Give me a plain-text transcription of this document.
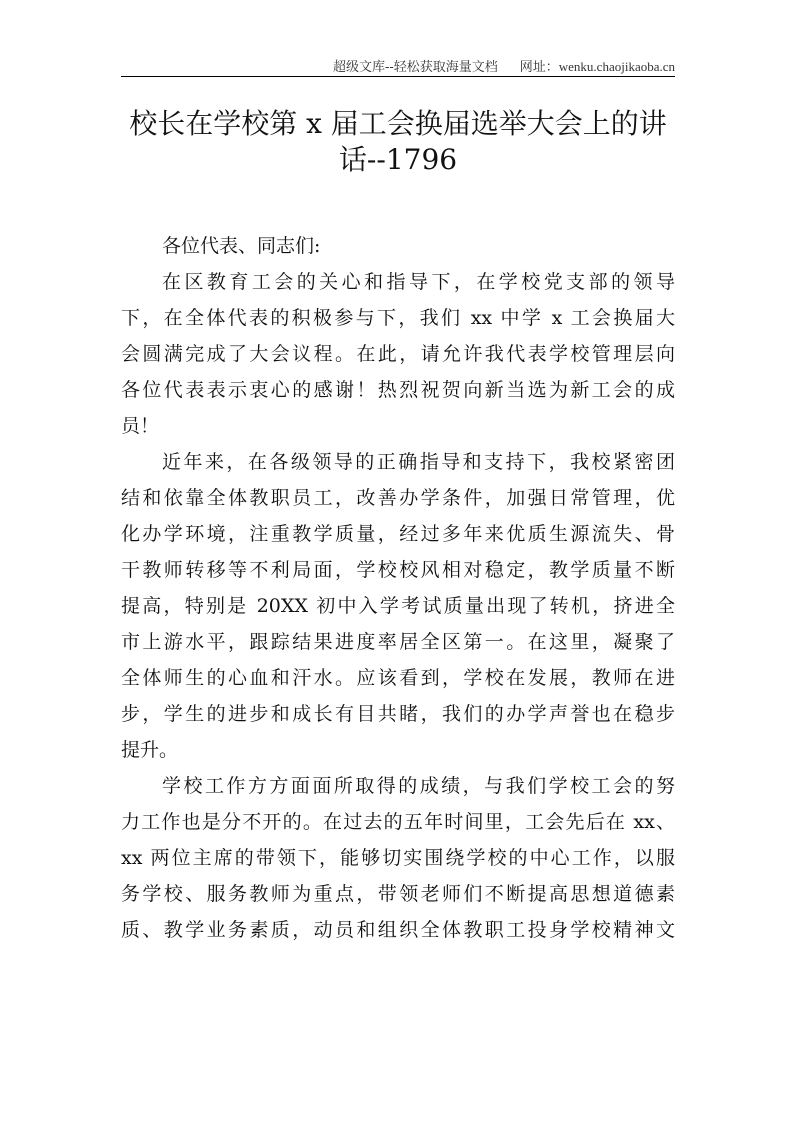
超级文库--轻松获取海量文档 网址：wenku.chaojikaoba.cn
校长在学校第 x 届工会换届选举大会上的讲
话--1796
各位代表、同志们:
在区教育工会的关心和指导下，在学校党支部的领导
下，在全体代表的积极参与下，我们 xx 中学 x 工会换届大
会圆满完成了大会议程。在此，请允许我代表学校管理层向
各位代表表示衷心的感谢！热烈祝贺向新当选为新工会的成
员！
近年来，在各级领导的正确指导和支持下，我校紧密团
结和依靠全体教职员工，改善办学条件，加强日常管理，优
化办学环境，注重教学质量，经过多年来优质生源流失、骨
干教师转移等不利局面，学校校风相对稳定，教学质量不断
提高，特别是 20XX 初中入学考试质量出现了转机，挤进全
市上游水平，跟踪结果进度率居全区第一。在这里，凝聚了
全体师生的心血和汗水。应该看到，学校在发展，教师在进
步，学生的进步和成长有目共睹，我们的办学声誉也在稳步
提升。
学校工作方方面面所取得的成绩，与我们学校工会的努
力工作也是分不开的。在过去的五年时间里，工会先后在 xx、
xx 两位主席的带领下，能够切实围绕学校的中心工作，以服
务学校、服务教师为重点，带领老师们不断提高思想道德素
质、教学业务素质，动员和组织全体教职工投身学校精神文
